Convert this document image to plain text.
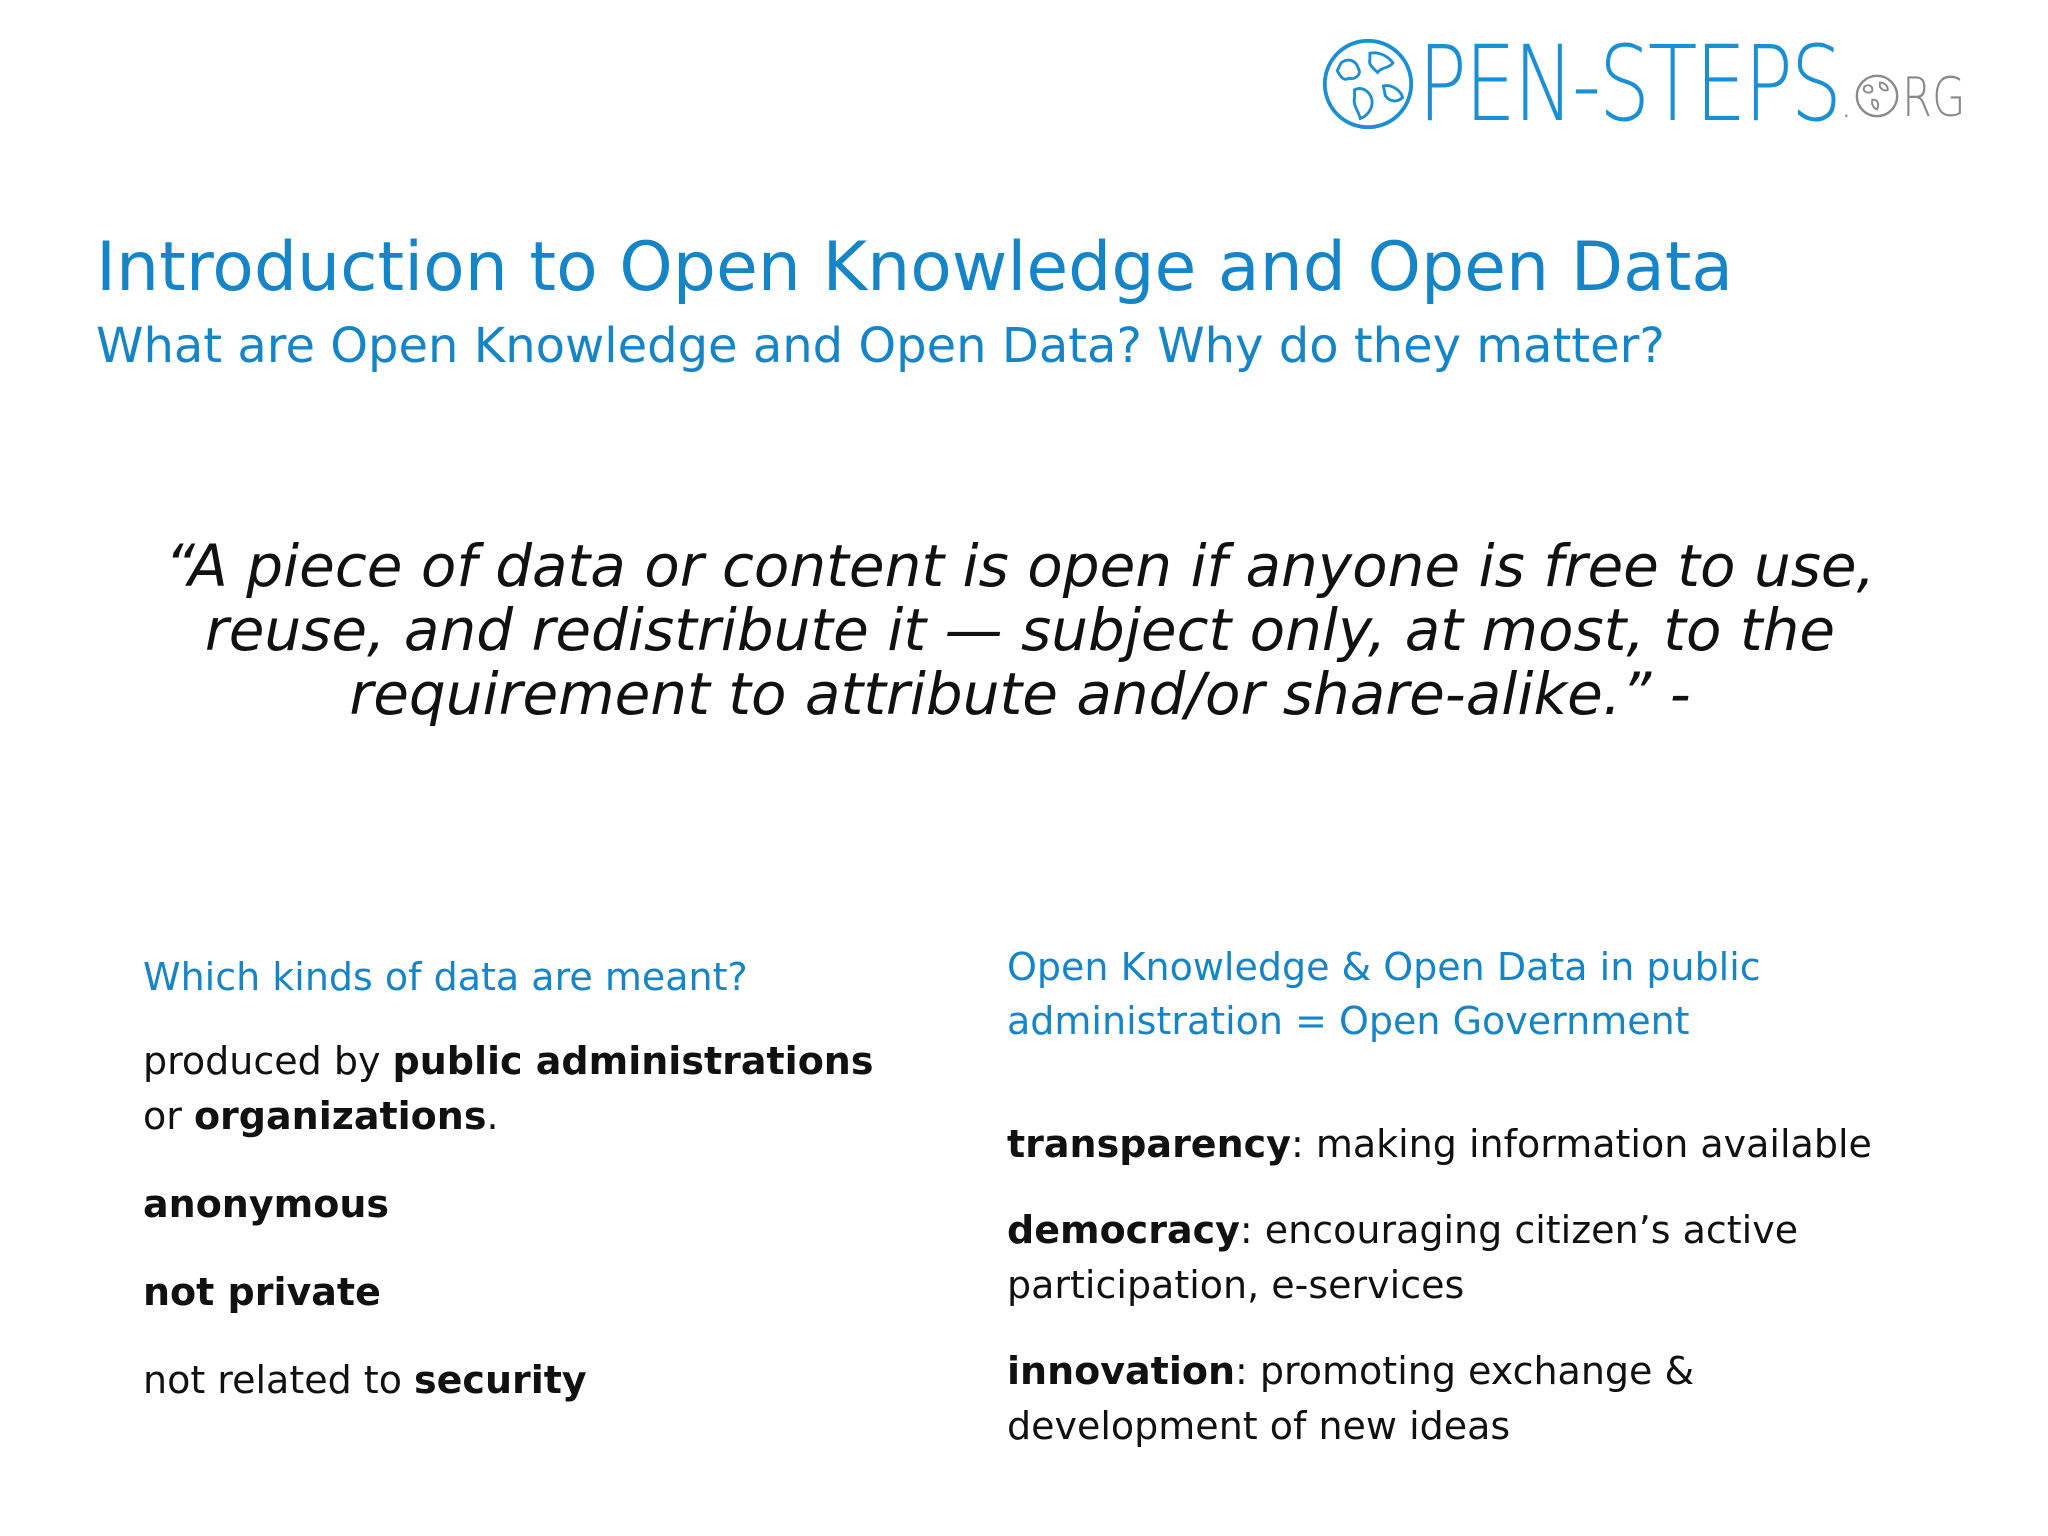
PEN-STEPS . RG
Introduction to Open Knowledge and Open Data
What are Open Knowledge and Open Data? Why do they matter?
“A piece of data or content is open if anyone is free to use,
reuse, and redistribute it — subject only, at most, to the
requirement to attribute and/or share-alike.” -

Which kinds of data are meant?

produced by public administrations
or organizations.

anonymous

not private

not related to security

Open Knowledge & Open Data in public
administration = Open Government

transparency: making information available

democracy: encouraging citizen’s active
participation, e-services

innovation: promoting exchange &
development of new ideas
